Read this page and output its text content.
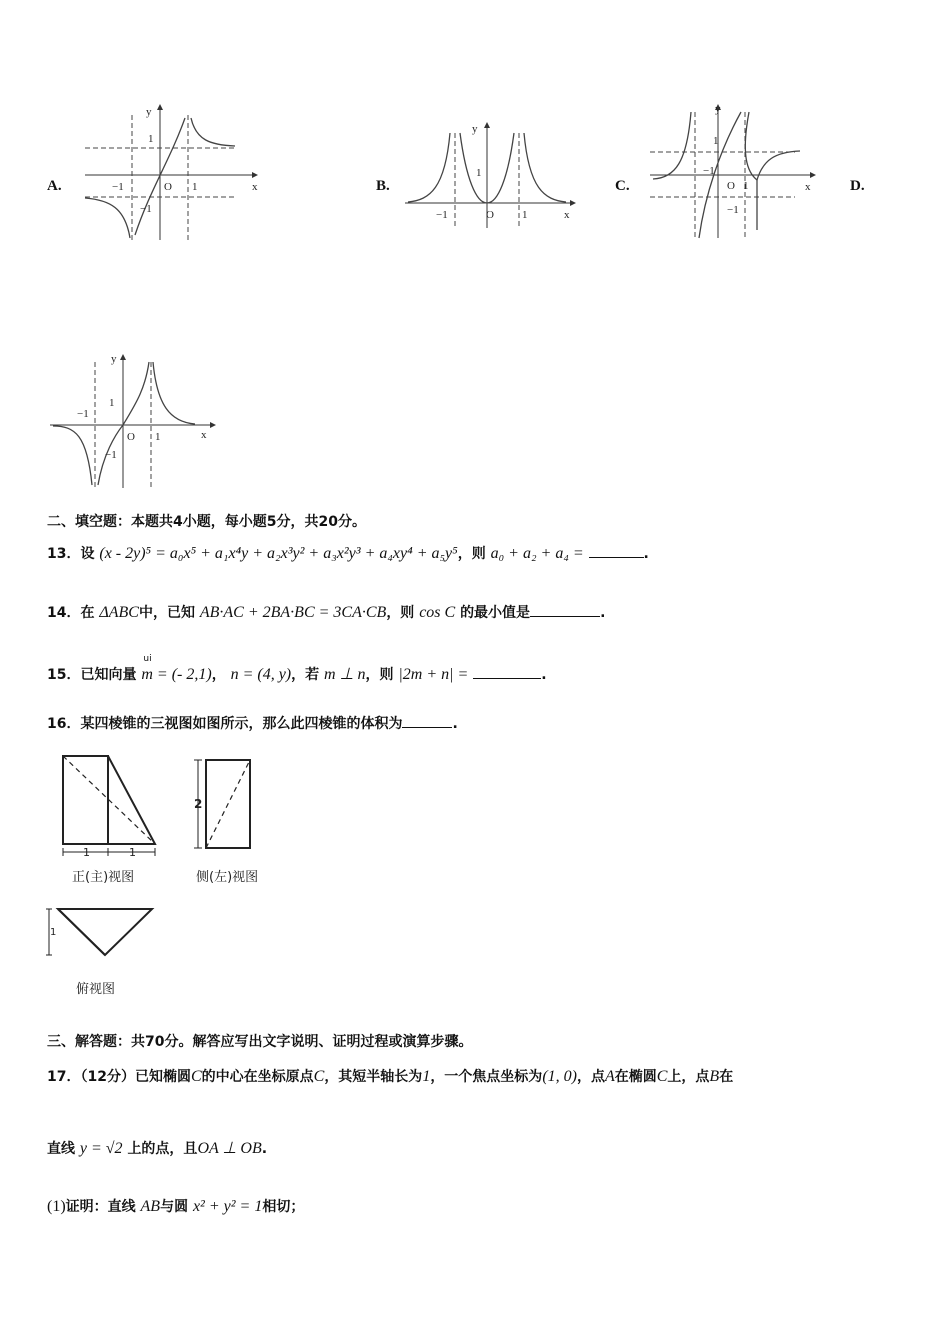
A.
y
x
O 1
1
−1
−1
B.
y
x
O	1
1
−1
C.
y
x
O 1
1
−1
−1
D.
y
x
O 1
1
−1
−1
二、填空题：本题共4小题，每小题5分，共20分。
13．设 (x - 2y)⁵ = a₀x⁵ + a₁x⁴y + a₂x³y² + a₃x²y³ + a₄xy⁴ + a₅y⁵，则 a₀ + a₂ + a₄ =	.
14．在 ΔABC中，已知 AB·AC + 2BA·BC = 3CA·CB，则 cos C 的最小值是	.
15．已知向量
ui
m = (- 2,1)， n = (4, y)，若 m ⊥ n，则 |2m + n| =	.
16．某四棱锥的三视图如图所示，那么此四棱锥的体积为	.
1	1
正(主)视图
2
侧(左)视图
1
俯视图
三、解答题：共70分。解答应写出文字说明、证明过程或演算步骤。
17．（12分）已知椭圆C的中心在坐标原点C，其短半轴长为1，一个焦点坐标为(1, 0)，点A在椭圆C上，点B在
直线 y = √2 上的点，且OA ⊥ OB.
(1)证明：直线 AB与圆 x² + y² = 1相切；
